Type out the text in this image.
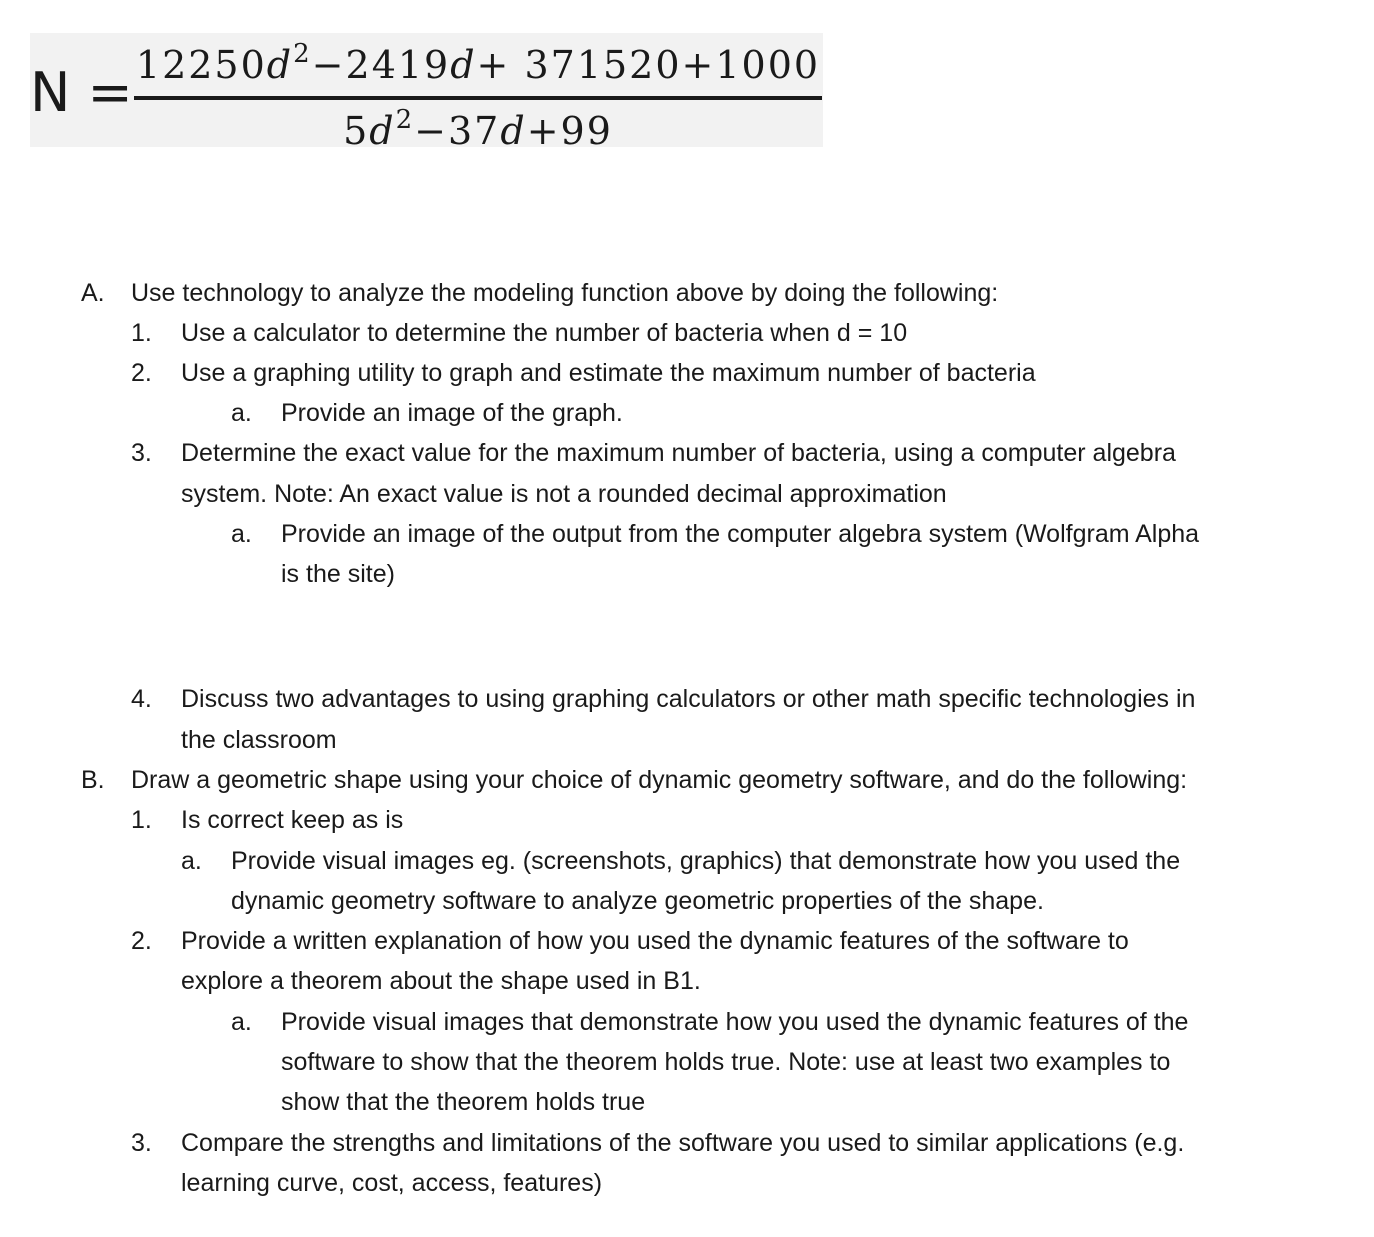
$N = 12250d^2-2419d+ 371520+1000$
$5d^2-37d+99$
A. Use technology to analyze the modeling function above by doing the following:
1. Use a calculator to determine the number of bacteria when d = 10
2. Use a graphing utility to graph and estimate the maximum number of bacteria
a. Provide an image of the graph.
3. Determine the exact value for the maximum number of bacteria, using a computer algebra
system. Note: An exact value is not a rounded decimal approximation
a. Provide an image of the output from the computer algebra system (Wolfgram Alpha
is the site)
4. Discuss two advantages to using graphing calculators or other math specific technologies in
the classroom
B. Draw a geometric shape using your choice of dynamic geometry software, and do the following:
1. Is correct keep as is
a. Provide visual images eg. (screenshots, graphics) that demonstrate how you used the
dynamic geometry software to analyze geometric properties of the shape.
2. Provide a written explanation of how you used the dynamic features of the software to
explore a theorem about the shape used in B1.
a. Provide visual images that demonstrate how you used the dynamic features of the
software to show that the theorem holds true. Note: use at least two examples to
show that the theorem holds true
3. Compare the strengths and limitations of the software you used to similar applications (e.g.
learning curve, cost, access, features)
